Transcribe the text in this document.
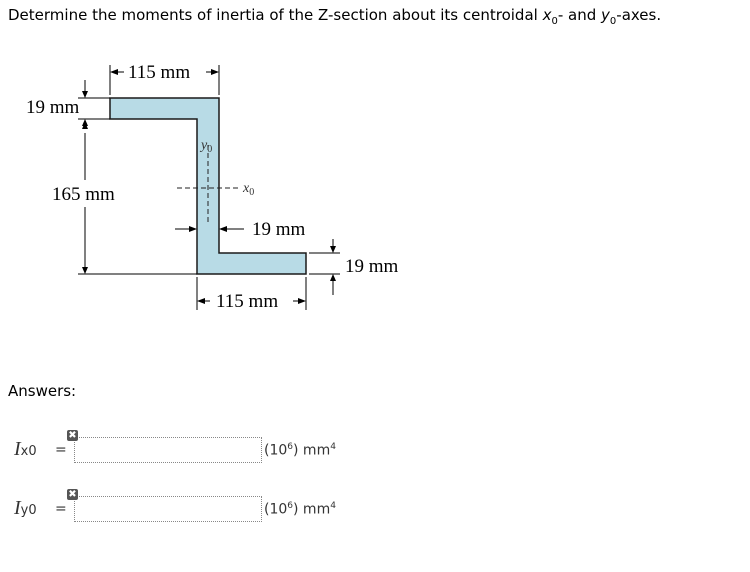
Determine the moments of inertia of the Z-section about its centroidal $x_0-$ and $y_0$-axes.
115 mm
19 mm
165 mm
$y_0$
$x_0$
19 mm
19 mm
115 mm
Answers:
Ix0 =
✖
$(10^6)$ $mm^4$
Iy0 =
✖
$(10^6)$ $mm^4$
